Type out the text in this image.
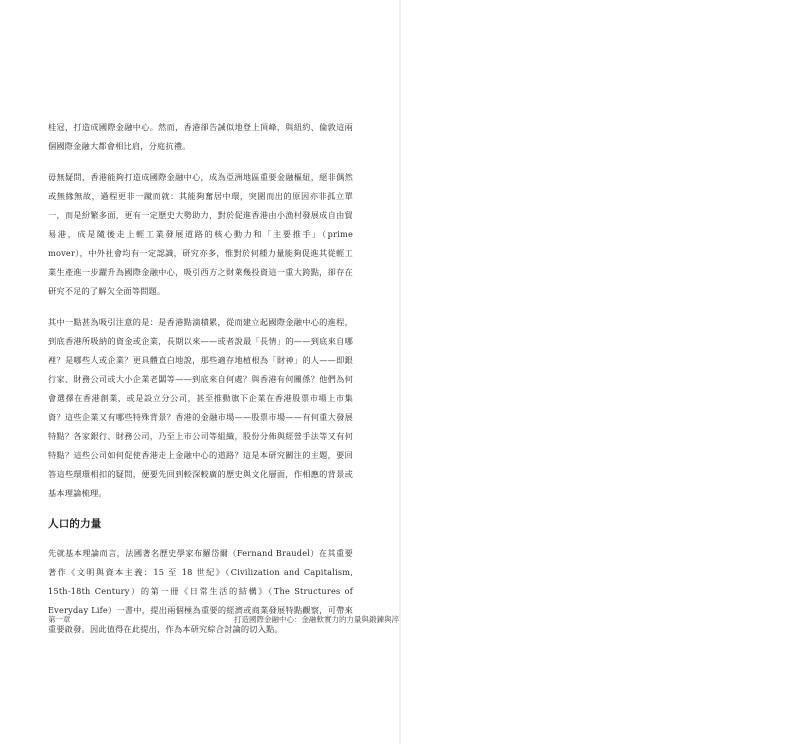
桂冠，打造成國際金融中心。然而，香港卻告誡似地登上頂峰，與紐約、倫敦這兩個國際金融大都會相比肩，分庭抗禮。

毋無疑問，香港能夠打造成國際金融中心，成為亞洲地區重要金融樞紐，絕非偶然或無緣無故，過程更非一蹴而就：其能夠奮居中環，突圍而出的原因亦非孤立單一，而是紛繁多面，更有一定歷史大勢助力，對於促進香港由小漁村發展成自由貿易港，成是隨後走上輕工業發展道路的核心動力和「主要推手」（prime mover），中外社會均有一定認識，研究亦多，惟對於何種力量能夠促進其從輕工業生產進一步躍升為國際金融中心，吸引西方之財萊幾投資這一重大跨點，卻存在研究不足的了解欠全面等問題。

其中一點甚為吸引注意的是：是香港點滴積累，從而建立起國際金融中心的進程，到底香港所吸納的資金或企業，長期以來——或者說最「長情」的——到底來自哪裡？是哪些人或企業？更具體直白地說，那些適存地植根為「財神」的人——即銀行家、財務公司或大小企業老闆等——到底來自何處？與香港有何關係？他們為何會選擇在香港創業，或是設立分公司，甚至推動旗下企業在香港股票市場上市集資？這些企業又有哪些特殊背景？香港的金融市場——股票市場——有何重大發展特點？各家銀行、財務公司，乃至上市公司等組織，股份分佈與經營手法等又有何特點？這些公司如何促使香港走上金融中心的道路？這是本研究關注的主題，要回答這些環環相扣的疑問，便要先回到較深較廣的歷史與文化層面，作相應的背景或基本理論梳理。

人口的力量

先就基本理論而言，法國著名歷史學家布羅岱爾（Fernand Braudel）在其重要著作《文明與資本主義：15 至 18 世紀》（Civilization and Capitalism, 15th-18th Century）的第一冊《日常生活的結構》（The Structures of Everyday Life）一書中，提出兩個極為重要的經濟或商業發展特點觀察，可帶來重要啟發。因此值得在此提出，作為本研究綜合討論的切入點。

第一章	打造國際金融中心：金融軟實力的力量與鍛鍊與淬
